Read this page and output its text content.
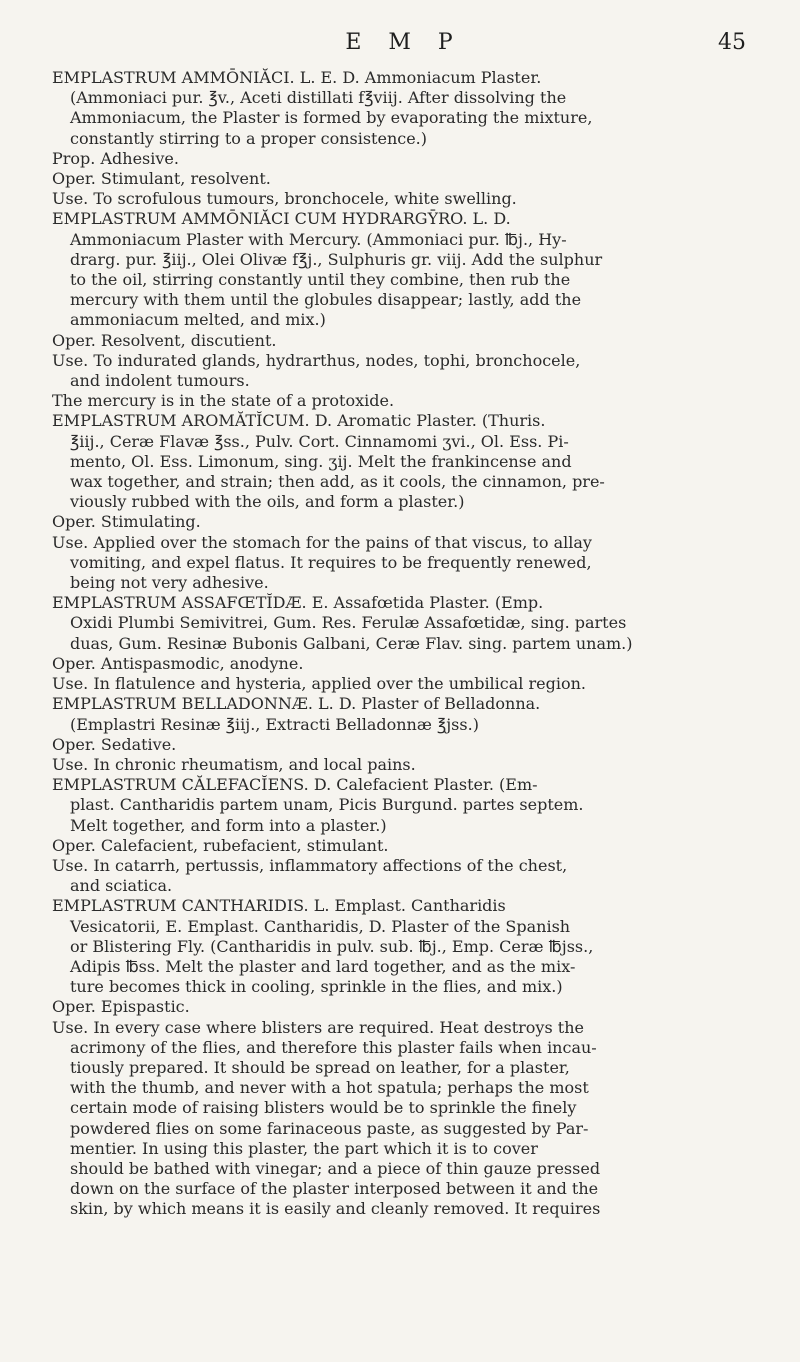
E M P	45
EMPLASTRUM AMMŌNIĂCI. L. E. D. Ammoniacum Plaster.
(Ammoniaci pur. ℥v., Aceti distillati f℥viij. After dissolving the
Ammoniacum, the Plaster is formed by evaporating the mixture,
constantly stirring to a proper consistence.)
Prop. Adhesive.
Oper. Stimulant, resolvent.
Use. To scrofulous tumours, bronchocele, white swelling.
EMPLASTRUM AMMŌNIĂCI CUM HYDRARGȲRO. L. D.
Ammoniacum Plaster with Mercury. (Ammoniaci pur. ℔j., Hy-
drarg. pur. ℥iij., Olei Olivæ f℥j., Sulphuris gr. viij. Add the sulphur
to the oil, stirring constantly until they combine, then rub the
mercury with them until the globules disappear; lastly, add the
ammoniacum melted, and mix.)
Oper. Resolvent, discutient.
Use. To indurated glands, hydrarthus, nodes, tophi, bronchocele,
and indolent tumours.
The mercury is in the state of a protoxide.
EMPLASTRUM AROMĂTĬCUM. D. Aromatic Plaster. (Thuris.
℥iij., Ceræ Flavæ ℥ss., Pulv. Cort. Cinnamomi ʒvi., Ol. Ess. Pi-
mento, Ol. Ess. Limonum, sing. ʒij. Melt the frankincense and
wax together, and strain; then add, as it cools, the cinnamon, pre-
viously rubbed with the oils, and form a plaster.)
Oper. Stimulating.
Use. Applied over the stomach for the pains of that viscus, to allay
vomiting, and expel flatus. It requires to be frequently renewed,
being not very adhesive.
EMPLASTRUM ASSAFŒTĬDÆ. E. Assafœtida Plaster. (Emp.
Oxidi Plumbi Semivitrei, Gum. Res. Ferulæ Assafœtidæ, sing. partes
duas, Gum. Resinæ Bubonis Galbani, Ceræ Flav. sing. partem unam.)
Oper. Antispasmodic, anodyne.
Use. In flatulence and hysteria, applied over the umbilical region.
EMPLASTRUM BELLADONNÆ. L. D. Plaster of Belladonna.
(Emplastri Resinæ ℥iij., Extracti Belladonnæ ℥jss.)
Oper. Sedative.
Use. In chronic rheumatism, and local pains.
EMPLASTRUM CĂLEFACĬENS. D. Calefacient Plaster. (Em-
plast. Cantharidis partem unam, Picis Burgund. partes septem.
Melt together, and form into a plaster.)
Oper. Calefacient, rubefacient, stimulant.
Use. In catarrh, pertussis, inflammatory affections of the chest,
and sciatica.
EMPLASTRUM CANTHARIDIS. L. Emplast. Cantharidis
Vesicatorii, E. Emplast. Cantharidis, D. Plaster of the Spanish
or Blistering Fly. (Cantharidis in pulv. sub. ℔j., Emp. Ceræ ℔jss.,
Adipis ℔ss. Melt the plaster and lard together, and as the mix-
ture becomes thick in cooling, sprinkle in the flies, and mix.)
Oper. Epispastic.
Use. In every case where blisters are required. Heat destroys the
acrimony of the flies, and therefore this plaster fails when incau-
tiously prepared. It should be spread on leather, for a plaster,
with the thumb, and never with a hot spatula; perhaps the most
certain mode of raising blisters would be to sprinkle the finely
powdered flies on some farinaceous paste, as suggested by Par-
mentier. In using this plaster, the part which it is to cover
should be bathed with vinegar; and a piece of thin gauze pressed
down on the surface of the plaster interposed between it and the
skin, by which means it is easily and cleanly removed. It requires
